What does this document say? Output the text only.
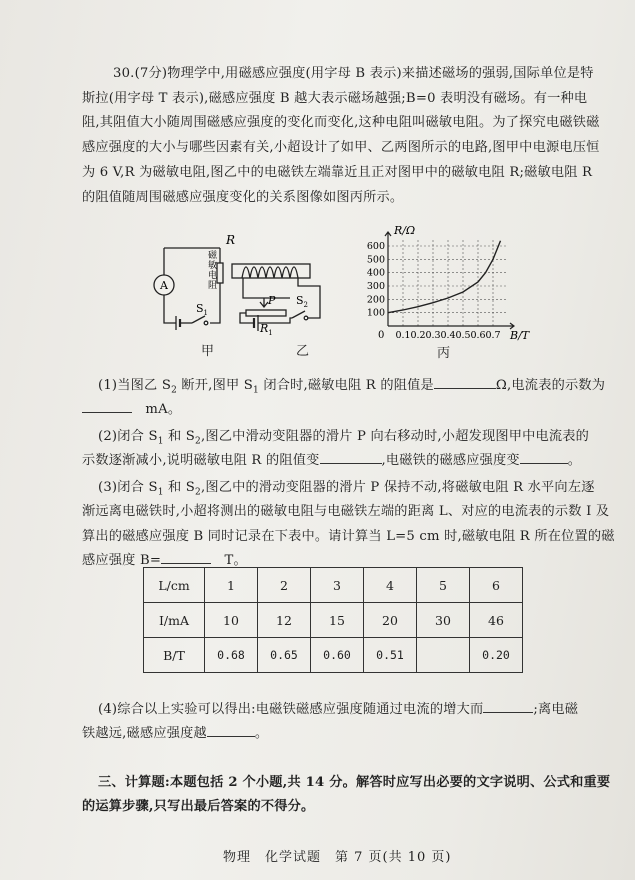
30.(7分)物理学中,用磁感应强度(用字母 B 表示)来描述磁场的强弱,国际单位是特
斯拉(用字母 T 表示),磁感应强度 B 越大表示磁场越强;B=0 表明没有磁场。有一种电
阻,其阻值大小随周围磁感应强度的变化而变化,这种电阻叫磁敏电阻。为了探究电磁铁磁
感应强度的大小与哪些因素有关,小超设计了如甲、乙两图所示的电路,图甲中电源电压恒
为 6 V,R 为磁敏电阻,图乙中的电磁铁左端靠近且正对图甲中的磁敏电阻 R;磁敏电阻 R
的阻值随周围磁感应强度变化的关系图像如图丙所示。
A
R
磁
敏
电
阻
$S_1$
$S_2$
P
$R_1$
甲	乙
0.1 0.2 0.3 0.4 0.5 0.6 0.7
100
200
300
400
500
600
R/Ω
B/T
0
丙
(1)当图乙 $S_2$ 断开,图甲 $S_1$ 闭合时,磁敏电阻 R 的阻值是	Ω,电流表的示数为
　mA。
(2)闭合 $S_1$ 和 $S_2$,图乙中滑动变阻器的滑片 P 向右移动时,小超发现图甲中电流表的
示数逐渐减小,说明磁敏电阻 R 的阻值变	,电磁铁的磁感应强度变	。
(3)闭合 $S_1$ 和 $S_2$,图乙中的滑动变阻器的滑片 P 保持不动,将磁敏电阻 R 水平向左逐
渐远离电磁铁时,小超将测出的磁敏电阻与电磁铁左端的距离 L、对应的电流表的示数 I 及
算出的磁感应强度 B 同时记录在下表中。请计算当 L=5 cm 时,磁敏电阻 R 所在位置的磁
感应强度 B=　	T。
L/cm	1	2	3	4	5	6
I/mA	10	12	15	20	30	46
B/T	0.68	0.65	0.60	0.51		0.20
(4)综合以上实验可以得出:电磁铁磁感应强度随通过电流的增大而	;离电磁
铁越远,磁感应强度越	。
三、计算题:本题包括 2 个小题,共 14 分。解答时应写出必要的文字说明、公式和重要
的运算步骤,只写出最后答案的不得分。
物理　化学试题　第 7 页(共 10 页)
